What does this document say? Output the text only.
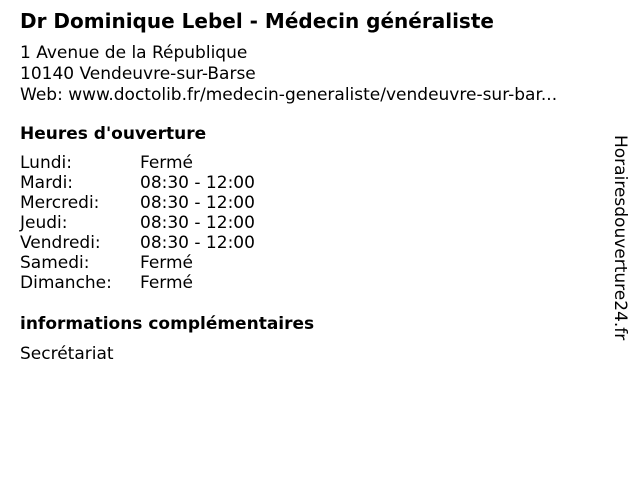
Dr Dominique Lebel - Médecin généraliste
1 Avenue de la République
10140 Vendeuvre-sur-Barse
Web: www.doctolib.fr/medecin-generaliste/vendeuvre-sur-bar...
Heures d'ouverture
Lundi:	Fermé
Mardi:	08:30 - 12:00
Mercredi:	08:30 - 12:00
Jeudi:	08:30 - 12:00
Vendredi:	08:30 - 12:00
Samedi:	Fermé
Dimanche:	Fermé
informations complémentaires
Secrétariat
Horairesdouverture24.fr
